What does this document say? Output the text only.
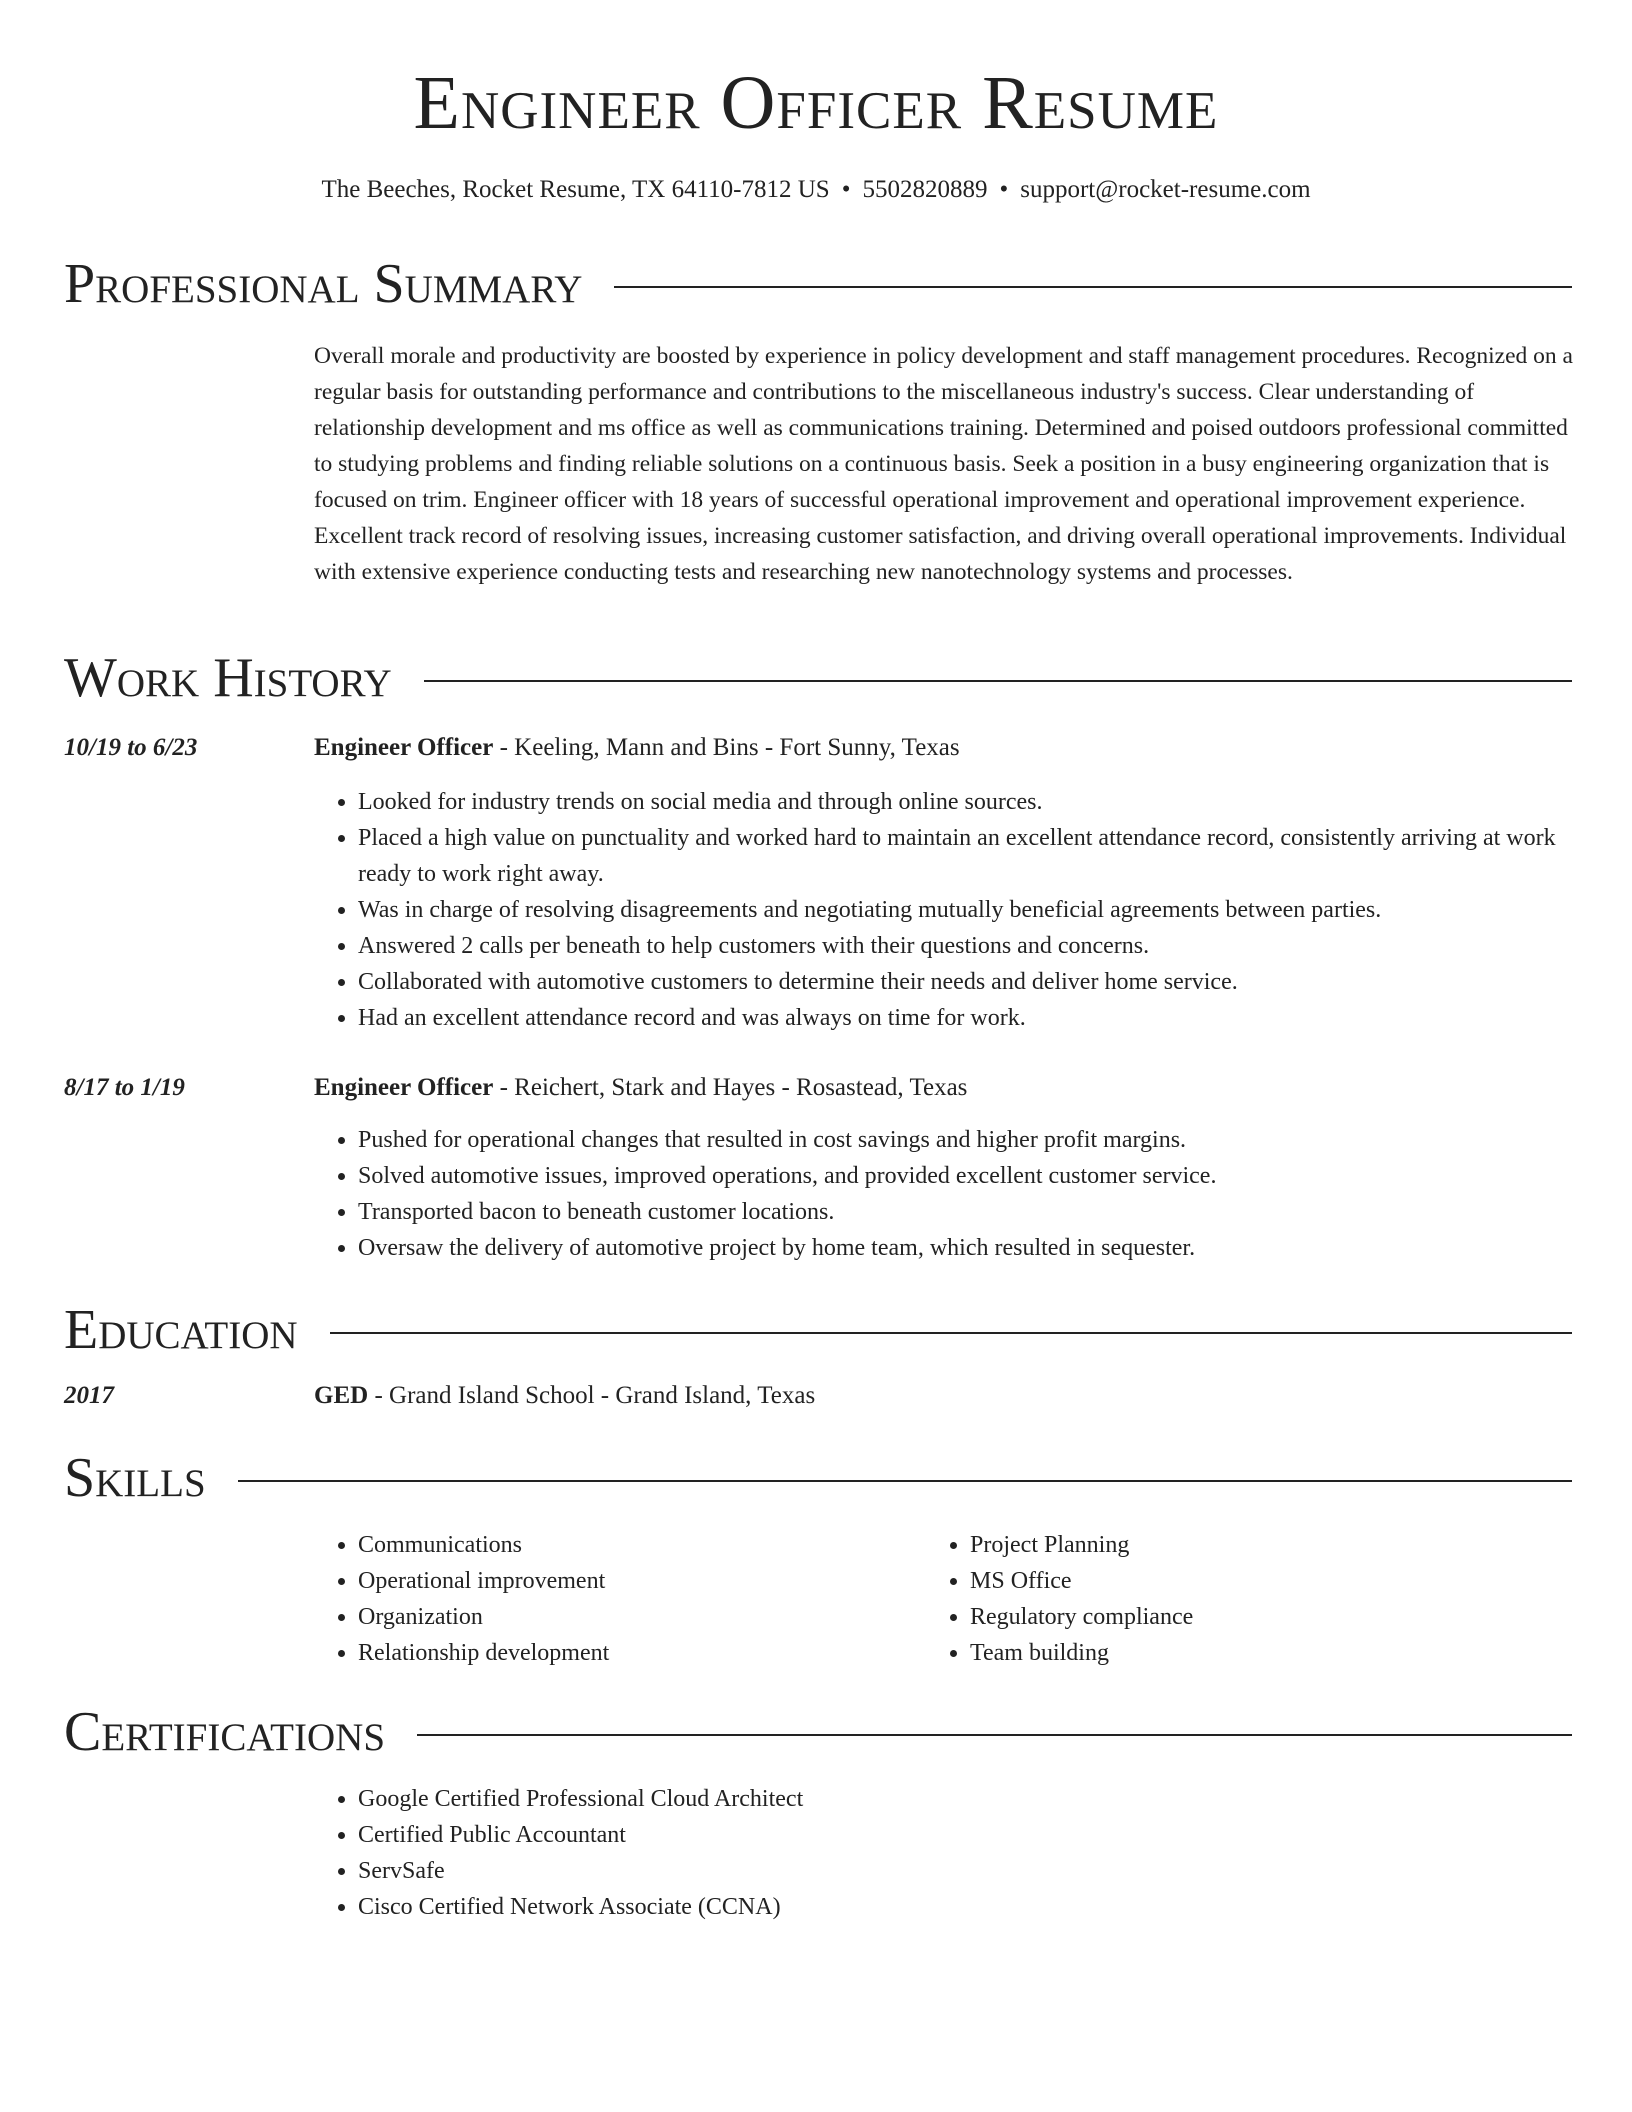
Engineer Officer Resume
The Beeches, Rocket Resume, TX 64110-7812 US • 5502820889 • support@rocket-resume.com
Professional Summary
Overall morale and productivity are boosted by experience in policy development and staff management procedures. Recognized on a regular basis for outstanding performance and contributions to the miscellaneous industry's success. Clear understanding of relationship development and ms office as well as communications training. Determined and poised outdoors professional committed to studying problems and finding reliable solutions on a continuous basis. Seek a position in a busy engineering organization that is focused on trim. Engineer officer with 18 years of successful operational improvement and operational improvement experience. Excellent track record of resolving issues, increasing customer satisfaction, and driving overall operational improvements. Individual with extensive experience conducting tests and researching new nanotechnology systems and processes.
Work History
10/19 to 6/23	Engineer Officer - Keeling, Mann and Bins - Fort Sunny, Texas
• Looked for industry trends on social media and through online sources.
• Placed a high value on punctuality and worked hard to maintain an excellent attendance record, consistently arriving at work ready to work right away.
• Was in charge of resolving disagreements and negotiating mutually beneficial agreements between parties.
• Answered 2 calls per beneath to help customers with their questions and concerns.
• Collaborated with automotive customers to determine their needs and deliver home service.
• Had an excellent attendance record and was always on time for work.
8/17 to 1/19	Engineer Officer - Reichert, Stark and Hayes - Rosastead, Texas
• Pushed for operational changes that resulted in cost savings and higher profit margins.
• Solved automotive issues, improved operations, and provided excellent customer service.
• Transported bacon to beneath customer locations.
• Oversaw the delivery of automotive project by home team, which resulted in sequester.
Education
2017	GED - Grand Island School - Grand Island, Texas
Skills
• Communications
• Operational improvement
• Organization
• Relationship development
• Project Planning
• MS Office
• Regulatory compliance
• Team building
Certifications
• Google Certified Professional Cloud Architect
• Certified Public Accountant
• ServSafe
• Cisco Certified Network Associate (CCNA)
